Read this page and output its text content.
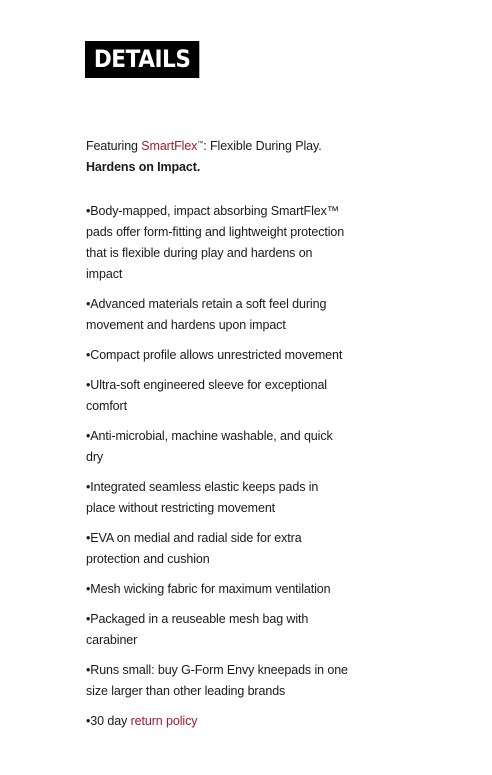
DETAILS

Featuring SmartFlex™: Flexible During Play.
Hardens on Impact.

•Body-mapped, impact absorbing SmartFlex™ pads offer form-fitting and lightweight protection that is flexible during play and hardens on impact
•Advanced materials retain a soft feel during movement and hardens upon impact
•Compact profile allows unrestricted movement
•Ultra-soft engineered sleeve for exceptional comfort
•Anti-microbial, machine washable, and quick dry
•Integrated seamless elastic keeps pads in place without restricting movement
•EVA on medial and radial side for extra protection and cushion
•Mesh wicking fabric for maximum ventilation
•Packaged in a reuseable mesh bag with carabiner
•Runs small: buy G-Form Envy kneepads in one size larger than other leading brands
•30 day return policy
